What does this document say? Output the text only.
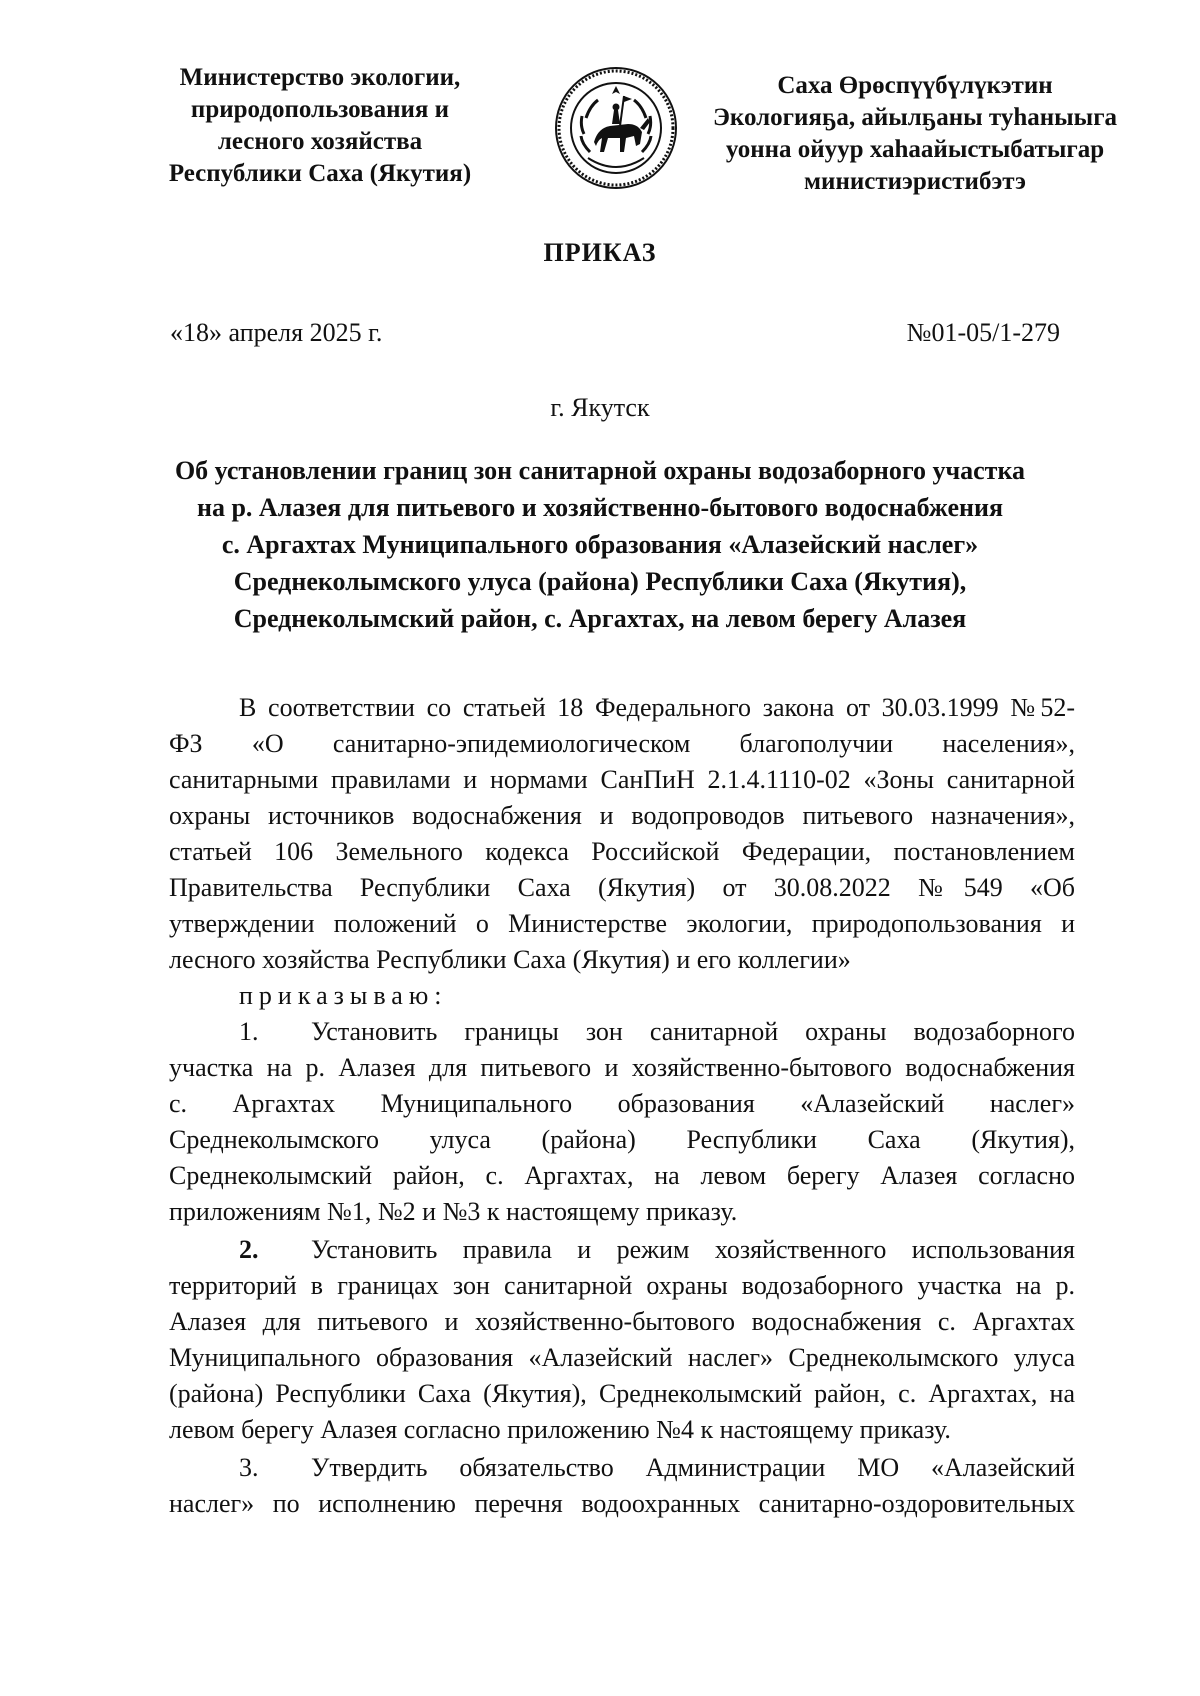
Министерство экологии,
природопользования и
лесного хозяйства
Республики Саха (Якутия)
Саха Өрөспүүбүлүкэтин
Экологияҕа, айылҕаны туһаныыга
уонна ойуур хаһаайыстыбатыгар
министиэристибэтэ
ПРИКАЗ
«18» апреля 2025 г.	№01-05/1-279
г. Якутск
Об установлении границ зон санитарной охраны водозаборного участка
на р. Алазея для питьевого и хозяйственно-бытового водоснабжения
с. Аргахтах Муниципального образования «Алазейский наслег»
Среднеколымского улуса (района) Республики Саха (Якутия),
Среднеколымский район, с. Аргахтах, на левом берегу Алазея

В соответствии со статьей 18 Федерального закона от 30.03.1999 №52-
ФЗ «О санитарно-эпидемиологическом благополучии населения»,
санитарными правилами и нормами СанПиН 2.1.4.1110-02 «Зоны санитарной
охраны источников водоснабжения и водопроводов питьевого назначения»,
статьей 106 Земельного кодекса Российской Федерации, постановлением
Правительства Республики Саха (Якутия) от 30.08.2022 №549 «Об
утверждении положений о Министерстве экологии, природопользования и
лесного хозяйства Республики Саха (Якутия) и его коллегии»

приказываю:

1. Установить границы зон санитарной охраны водозаборного
участка на р. Алазея для питьевого и хозяйственно-бытового водоснабжения
с. Аргахтах Муниципального образования «Алазейский наслег»
Среднеколымского улуса (района) Республики Саха (Якутия),
Среднеколымский район, с. Аргахтах, на левом берегу Алазея согласно
приложениям №1, №2 и №3 к настоящему приказу.

2. Установить правила и режим хозяйственного использования
территорий в границах зон санитарной охраны водозаборного участка на р.
Алазея для питьевого и хозяйственно-бытового водоснабжения с. Аргахтах
Муниципального образования «Алазейский наслег» Среднеколымского улуса
(района) Республики Саха (Якутия), Среднеколымский район, с. Аргахтах, на
левом берегу Алазея согласно приложению №4 к настоящему приказу.

3. Утвердить обязательство Администрации МО «Алазейский
наслег» по исполнению перечня водоохранных санитарно-оздоровительных
